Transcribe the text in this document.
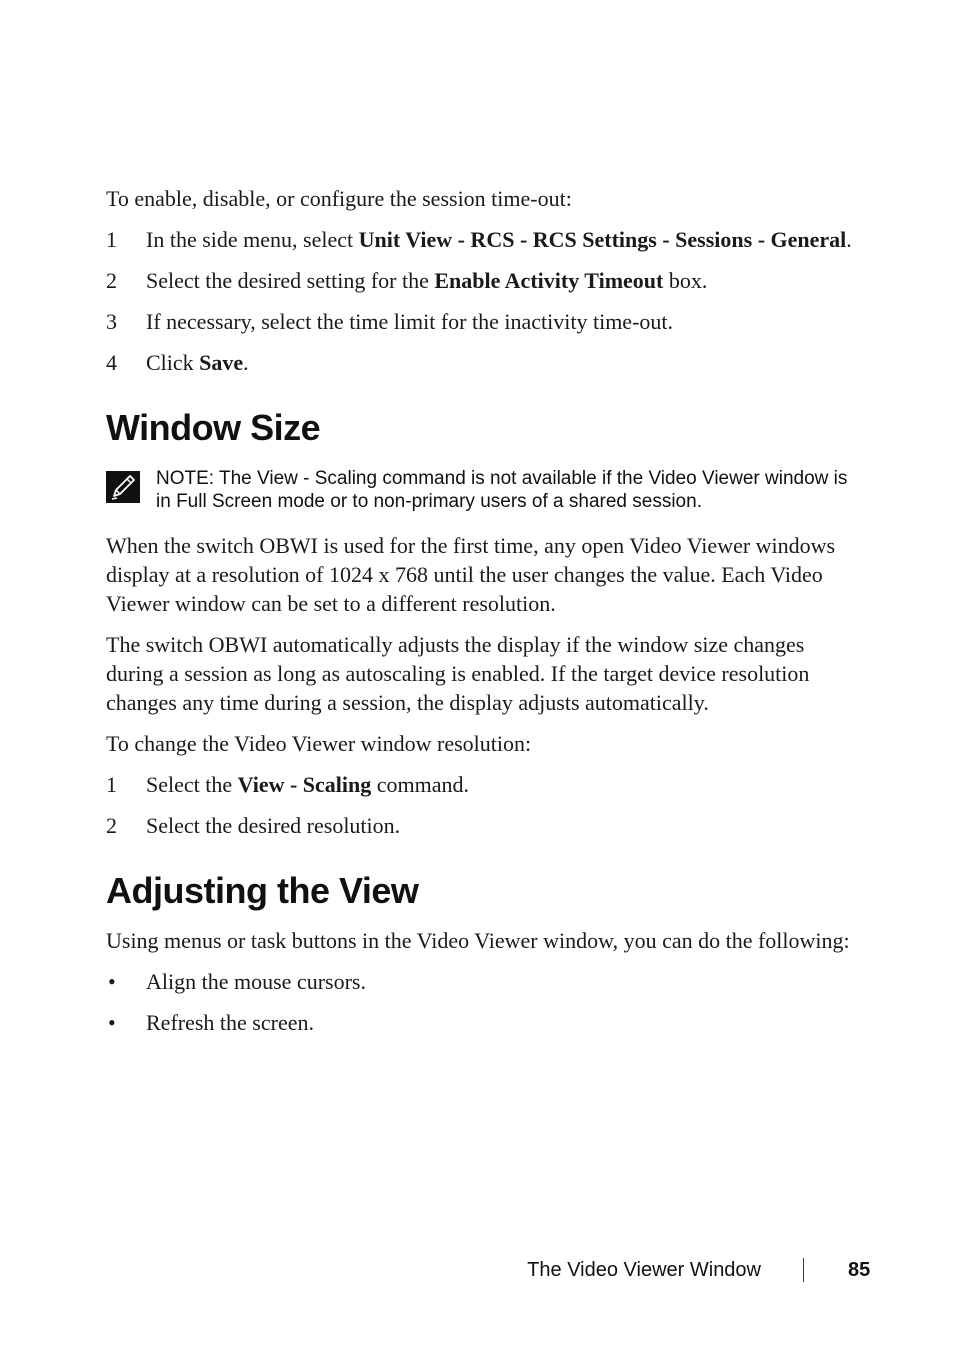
To enable, disable, or configure the session time-out:

1 In the side menu, select Unit View - RCS - RCS Settings - Sessions - General.
2 Select the desired setting for the Enable Activity Timeout box.
3 If necessary, select the time limit for the inactivity time-out.
4 Click Save.
Window Size
NOTE: The View - Scaling command is not available if the Video Viewer window is in Full Screen mode or to non-primary users of a shared session.

When the switch OBWI is used for the first time, any open Video Viewer windows display at a resolution of 1024 x 768 until the user changes the value. Each Video Viewer window can be set to a different resolution.

The switch OBWI automatically adjusts the display if the window size changes during a session as long as autoscaling is enabled. If the target device resolution changes any time during a session, the display adjusts automatically.

To change the Video Viewer window resolution:

1 Select the View - Scaling command.
2 Select the desired resolution.
Adjusting the View

Using menus or task buttons in the Video Viewer window, you can do the following:

• Align the mouse cursors.
• Refresh the screen.
The Video Viewer Window	85
